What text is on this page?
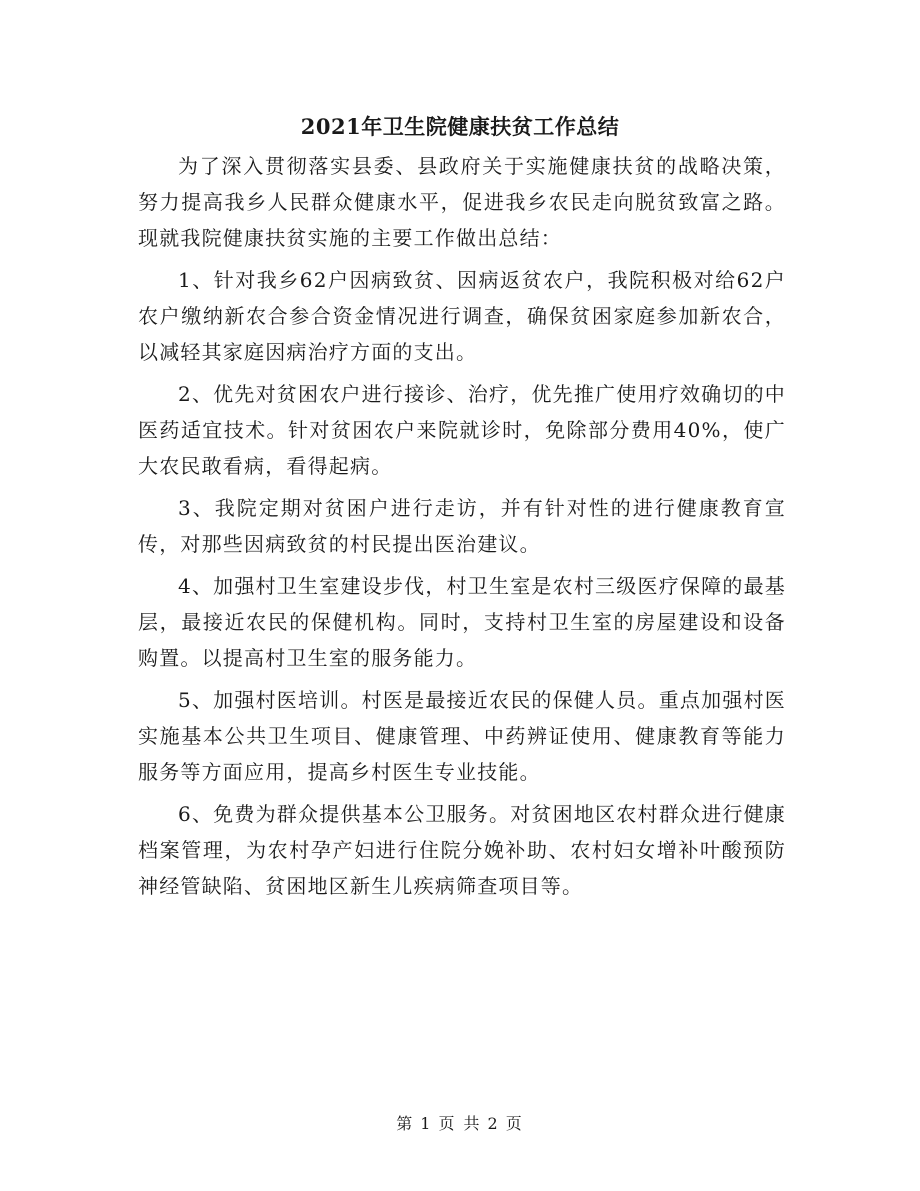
2021年卫生院健康扶贫工作总结

为了深入贯彻落实县委、县政府关于实施健康扶贫的战略决策，努力提高我乡人民群众健康水平，促进我乡农民走向脱贫致富之路。现就我院健康扶贫实施的主要工作做出总结：

1、针对我乡62户因病致贫、因病返贫农户，我院积极对给62户农户缴纳新农合参合资金情况进行调查，确保贫困家庭参加新农合，以减轻其家庭因病治疗方面的支出。

2、优先对贫困农户进行接诊、治疗，优先推广使用疗效确切的中医药适宜技术。针对贫困农户来院就诊时，免除部分费用40%，使广大农民敢看病，看得起病。

3、我院定期对贫困户进行走访，并有针对性的进行健康教育宣传，对那些因病致贫的村民提出医治建议。

4、加强村卫生室建设步伐，村卫生室是农村三级医疗保障的最基层，最接近农民的保健机构。同时，支持村卫生室的房屋建设和设备购置。以提高村卫生室的服务能力。

5、加强村医培训。村医是最接近农民的保健人员。重点加强村医实施基本公共卫生项目、健康管理、中药辨证使用、健康教育等能力服务等方面应用，提高乡村医生专业技能。

6、免费为群众提供基本公卫服务。对贫困地区农村群众进行健康档案管理，为农村孕产妇进行住院分娩补助、农村妇女增补叶酸预防神经管缺陷、贫困地区新生儿疾病筛查项目等。

第 1 页 共 2 页
